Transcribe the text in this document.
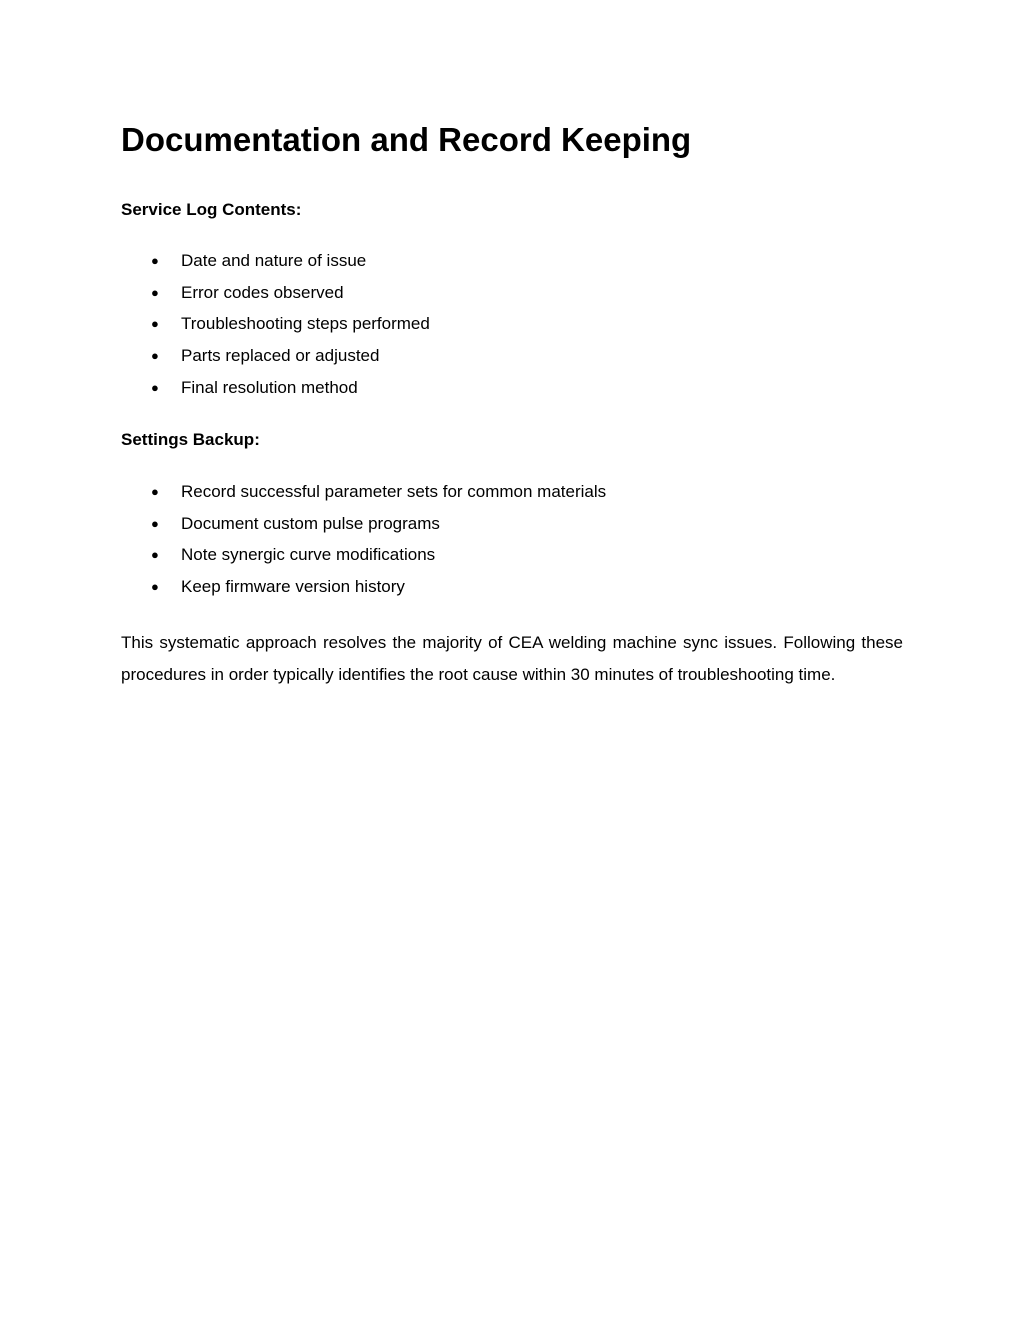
Documentation and Record Keeping
Service Log Contents:
● Date and nature of issue
● Error codes observed
● Troubleshooting steps performed
● Parts replaced or adjusted
● Final resolution method
Settings Backup:
● Record successful parameter sets for common materials
● Document custom pulse programs
● Note synergic curve modifications
● Keep firmware version history

This systematic approach resolves the majority of CEA welding machine sync issues. Following these procedures in order typically identifies the root cause within 30 minutes of troubleshooting time.
